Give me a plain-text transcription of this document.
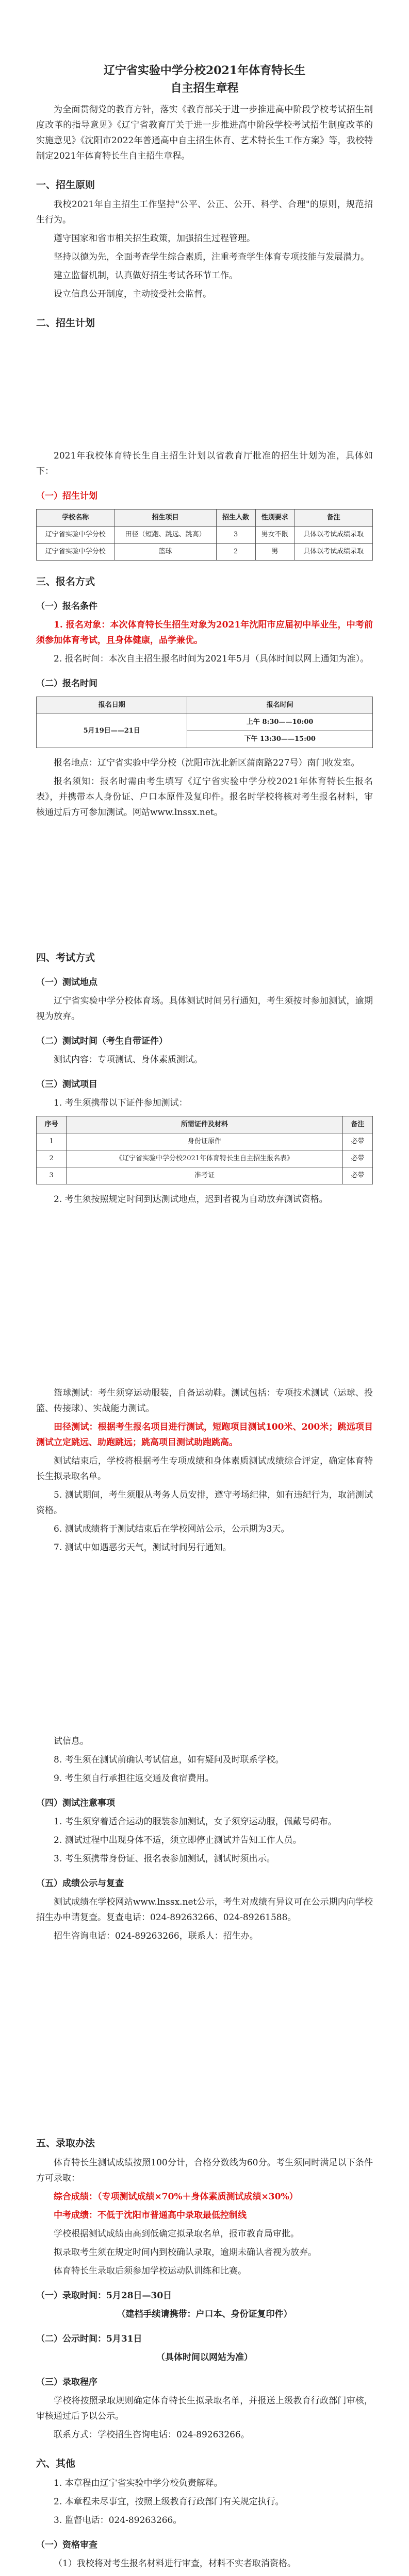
辽宁省实验中学分校2021年体育特长生
自主招生章程

为全面贯彻党的教育方针，落实《教育部关于进一步推进高中阶段学校考试招生制度改革的指导意见》《辽宁省教育厅关于进一步推进高中阶段学校考试招生制度改革的实施意见》《沈阳市2022年普通高中自主招生体育、艺术特长生工作方案》等，我校特制定2021年体育特长生自主招生章程。

一、招生原则

我校2021年自主招生工作坚持"公平、公正、公开、科学、合理"的原则，规范招生行为。

遵守国家和省市相关招生政策，加强招生过程管理。

坚持以德为先，全面考查学生综合素质，注重考查学生体育专项技能与发展潜力。

建立监督机制，认真做好招生考试各环节工作。

设立信息公开制度，主动接受社会监督。

二、招生计划

2021年我校体育特长生自主招生计划以省教育厅批准的招生计划为准，具体如下：

（一）招生计划
学校名称	招生项目	招生人数	性别要求	备注
辽宁省实验中学分校	田径（短跑、跳远、跳高）	3	男女不限	具体以考试成绩录取
辽宁省实验中学分校	篮球	2	男	具体以考试成绩录取
三、报名方式
（一）报名条件

1. 报名对象：本次体育特长生招生对象为2021年沈阳市应届初中毕业生，中考前须参加体育考试，且身体健康，品学兼优。

2. 报名时间：本次自主招生报名时间为2021年5月（具体时间以网上通知为准）。

（二）报名时间
报名日期	报名时间
5月19日——21日	上午 8:30——10:00
	下午 13:30——15:00

报名地点：辽宁省实验中学分校（沈阳市沈北新区蒲南路227号）南门收发室。

报名须知：报名时需由考生填写《辽宁省实验中学分校2021年体育特长生报名表》，并携带本人身份证、户口本原件及复印件。报名时学校将核对考生报名材料，审核通过后方可参加测试。网站www.lnssx.net。

四、考试方式
（一）测试地点

辽宁省实验中学分校体育场。具体测试时间另行通知，考生须按时参加测试，逾期视为放弃。

（二）测试时间（考生自带证件）

测试内容：专项测试、身体素质测试。

（三）测试项目

1. 考生须携带以下证件参加测试：

序号	所需证件及材料	备注
1	身份证原件	必带
2	《辽宁省实验中学分校2021年体育特长生自主招生报名表》	必带
3	准考证	必带

2. 考生须按照规定时间到达测试地点，迟到者视为自动放弃测试资格。

篮球测试：考生须穿运动服装，自备运动鞋。测试包括：专项技术测试（运球、投篮、传接球）、实战能力测试。

田径测试：根据考生报名项目进行测试，短跑项目测试100米、200米；跳远项目测试立定跳远、助跑跳远；跳高项目测试助跑跳高。

测试结束后，学校将根据考生专项成绩和身体素质测试成绩综合评定，确定体育特长生拟录取名单。

5. 测试期间，考生须服从考务人员安排，遵守考场纪律，如有违纪行为，取消测试资格。

6. 测试成绩将于测试结束后在学校网站公示，公示期为3天。

7. 测试中如遇恶劣天气，测试时间另行通知。

试信息。

8. 考生须在测试前确认考试信息，如有疑问及时联系学校。

9. 考生须自行承担往返交通及食宿费用。

（四）测试注意事项

1. 考生须穿着适合运动的服装参加测试，女子须穿运动服，佩戴号码布。

2. 测试过程中出现身体不适，须立即停止测试并告知工作人员。

3. 考生须携带身份证、报名表参加测试，测试时须出示。

（五）成绩公示与复查

测试成绩在学校网站www.lnssx.net公示，考生对成绩有异议可在公示期内向学校招生办申请复查。复查电话：024-89263266、024-89261588。

招生咨询电话：024-89263266，联系人：招生办。

五、录取办法

体育特长生测试成绩按照100分计，合格分数线为60分。考生须同时满足以下条件方可录取：

综合成绩：（专项测试成绩×70%＋身体素质测试成绩×30%）

中考成绩：不低于沈阳市普通高中录取最低控制线

学校根据测试成绩由高到低确定拟录取名单，报市教育局审批。

拟录取考生须在规定时间内到校确认录取，逾期未确认者视为放弃。

体育特长生录取后须参加学校运动队训练和比赛。

（一）录取时间：5月28日—30日

（建档手续请携带：户口本、身份证复印件）

（二）公示时间：5月31日

（具体时间以网站为准）

（三）录取程序

学校将按照录取规则确定体育特长生拟录取名单，并报送上级教育行政部门审核，审核通过后予以公示。

联系方式：学校招生咨询电话：024-89263266。

六、其他

1. 本章程由辽宁省实验中学分校负责解释。

2. 本章程未尽事宜，按照上级教育行政部门有关规定执行。

3. 监督电话：024-89263266。

（一）资格审查

（1）我校将对考生报名材料进行审查，材料不实者取消资格。
